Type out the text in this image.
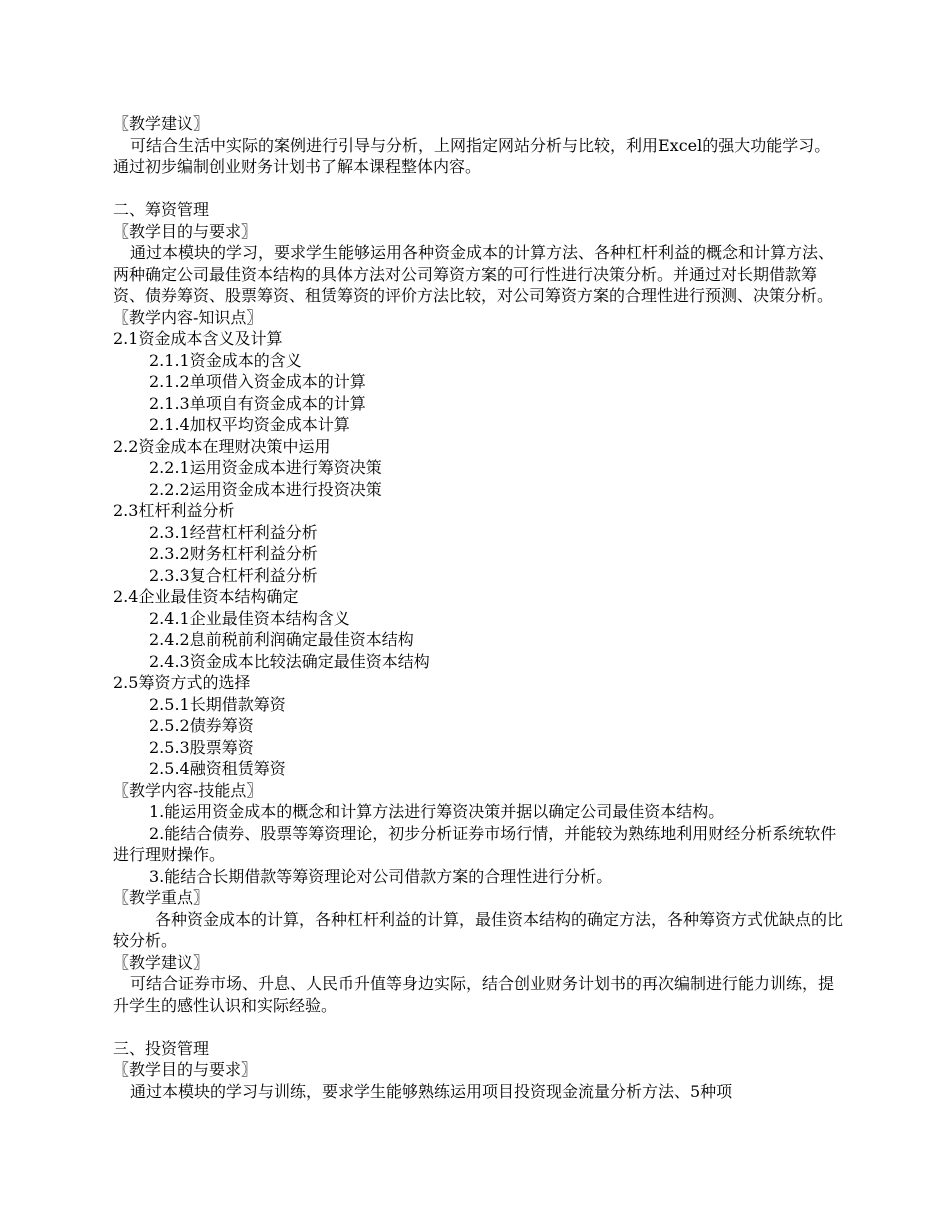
〖教学建议〗
可结合生活中实际的案例进行引导与分析，上网指定网站分析与比较，利用Excel的强大功能学习。通过初步编制创业财务计划书了解本课程整体内容。
二、筹资管理
〖教学目的与要求〗
通过本模块的学习，要求学生能够运用各种资金成本的计算方法、各种杠杆利益的概念和计算方法、两种确定公司最佳资本结构的具体方法对公司筹资方案的可行性进行决策分析。并通过对长期借款筹资、债券筹资、股票筹资、租赁筹资的评价方法比较，对公司筹资方案的合理性进行预测、决策分析。
〖教学内容-知识点〗
2.1资金成本含义及计算
2.1.1资金成本的含义
2.1.2单项借入资金成本的计算
2.1.3单项自有资金成本的计算
2.1.4加权平均资金成本计算
2.2资金成本在理财决策中运用
2.2.1运用资金成本进行筹资决策
2.2.2运用资金成本进行投资决策
2.3杠杆利益分析
2.3.1经营杠杆利益分析
2.3.2财务杠杆利益分析
2.3.3复合杠杆利益分析
2.4企业最佳资本结构确定
2.4.1企业最佳资本结构含义
2.4.2息前税前利润确定最佳资本结构
2.4.3资金成本比较法确定最佳资本结构
2.5筹资方式的选择
2.5.1长期借款筹资
2.5.2债券筹资
2.5.3股票筹资
2.5.4融资租赁筹资
〖教学内容-技能点〗
1.能运用资金成本的概念和计算方法进行筹资决策并据以确定公司最佳资本结构。
2.能结合债券、股票等筹资理论，初步分析证券市场行情，并能较为熟练地利用财经分析系统软件进行理财操作。
3.能结合长期借款等筹资理论对公司借款方案的合理性进行分析。
〖教学重点〗
各种资金成本的计算，各种杠杆利益的计算，最佳资本结构的确定方法，各种筹资方式优缺点的比较分析。
〖教学建议〗
可结合证券市场、升息、人民币升值等身边实际，结合创业财务计划书的再次编制进行能力训练，提升学生的感性认识和实际经验。
三、投资管理
〖教学目的与要求〗
通过本模块的学习与训练，要求学生能够熟练运用项目投资现金流量分析方法、5种项
